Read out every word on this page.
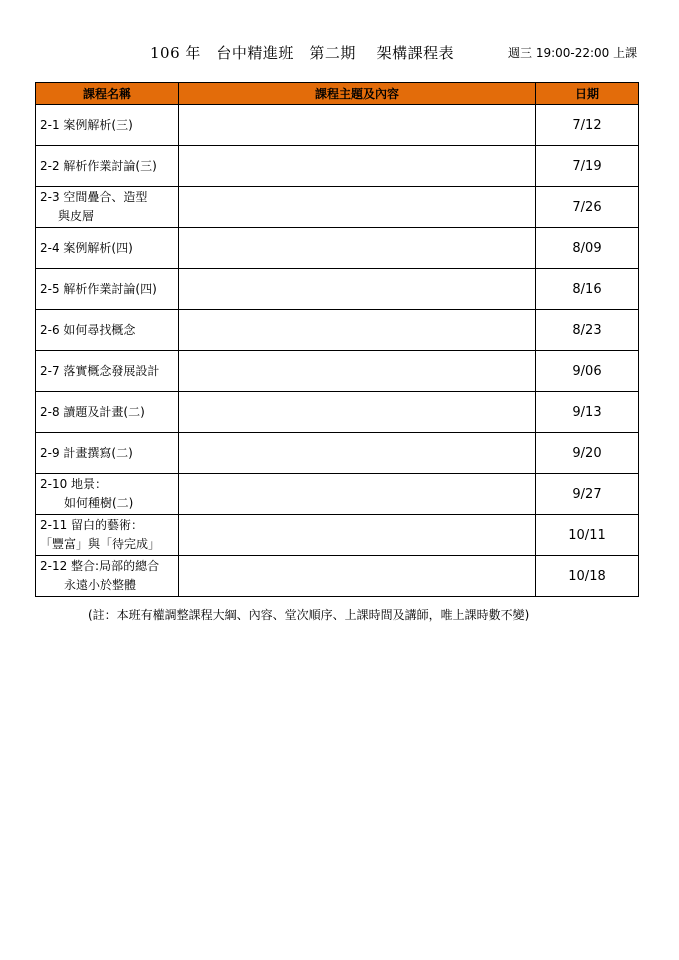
106 年　台中精進班　第二期　 架構課程表	週三 19:00-22:00 上課
課程名稱	課程主題及內容	日期
2-1 案例解析(三)		7/12
2-2 解析作業討論(三)		7/19
2-3 空間疊合、造型
與皮層		7/26
2-4 案例解析(四)		8/09
2-5 解析作業討論(四)		8/16
2-6 如何尋找概念		8/23
2-7 落實概念發展設計		9/06
2-8 讀題及計畫(二)		9/13
2-9 計畫撰寫(二)		9/20
2-10 地景：
如何種樹(二)		9/27
2-11 留白的藝術：
「豐富」與「待完成」		10/11
2-12 整合:局部的總合
永遠小於整體		10/18
(註：本班有權調整課程大綱、內容、堂次順序、上課時間及講師，唯上課時數不變)
